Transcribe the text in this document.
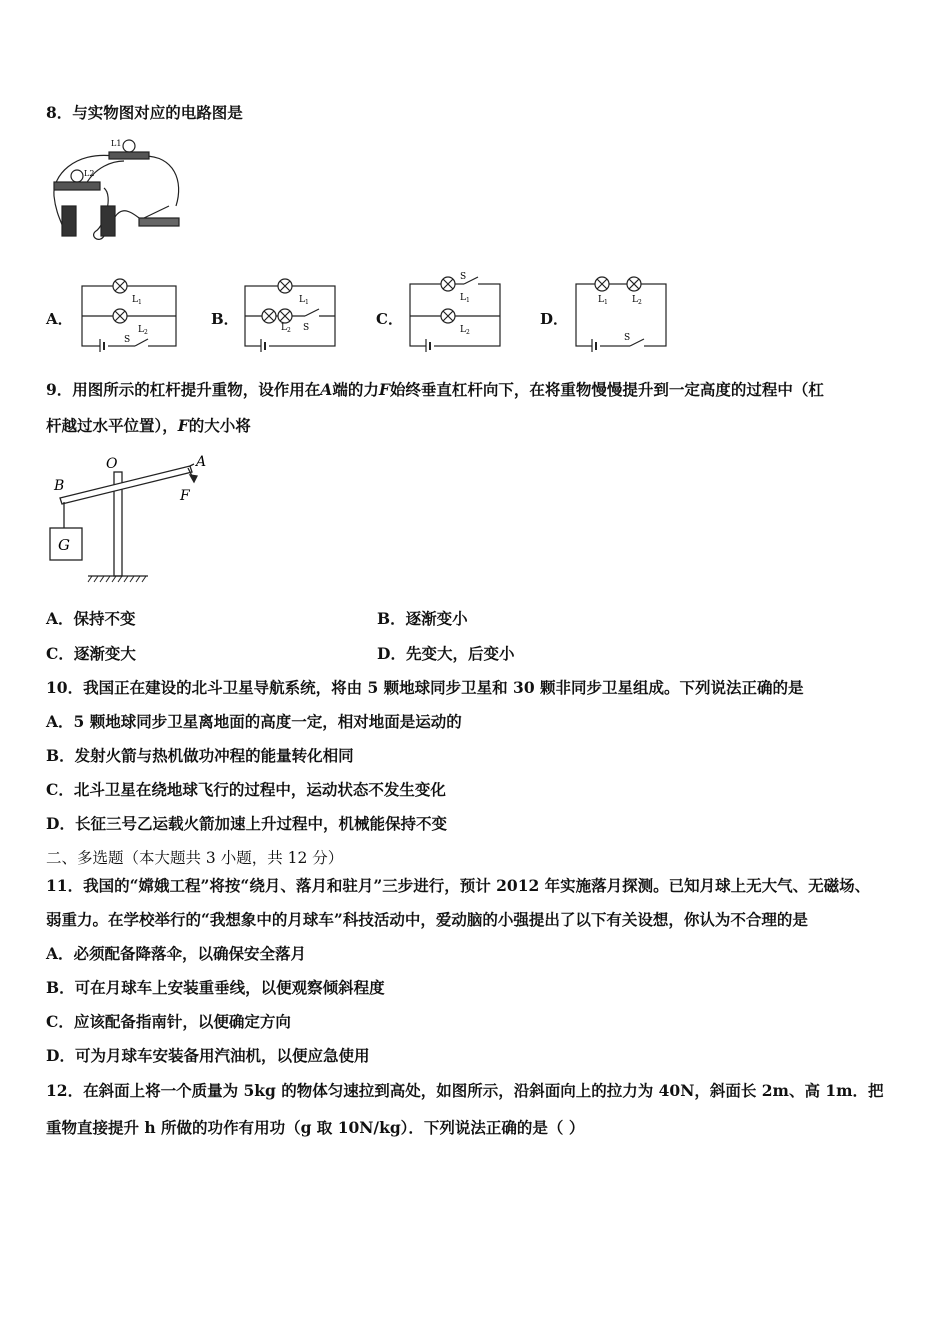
8．与实物图对应的电路图是
L1
L2
A．	B．	C．	D．
$L_1$
$L_2$
S
$L_1$
$L_2$ S
S
$L_1$
$L_2$
$L_1$	$L_2$
S
9．用图所示的杠杆提升重物，设作用在A端的力F始终垂直杠杆向下，在将重物慢慢提升到一定高度的过程中（杠
杆越过水平位置），F的大小将
O	A
B
F
G
A．保持不变	B．逐渐变小
C．逐渐变大	D．先变大，后变小
10．我国正在建设的北斗卫星导航系统，将由 5 颗地球同步卫星和 30 颗非同步卫星组成。下列说法正确的是
A．5 颗地球同步卫星离地面的高度一定，相对地面是运动的
B．发射火箭与热机做功冲程的能量转化相同
C．北斗卫星在绕地球飞行的过程中，运动状态不发生变化
D．长征三号乙运载火箭加速上升过程中，机械能保持不变
二、多选题（本大题共 3 小题，共 12 分）
11．我国的“嫦娥工程”将按“绕月、落月和驻月”三步进行，预计 2012 年实施落月探测。已知月球上无大气、无磁场、
弱重力。在学校举行的“我想象中的月球车”科技活动中，爱动脑的小强提出了以下有关设想，你认为不合理的是
A．必须配备降落伞，以确保安全落月
B．可在月球车上安装重垂线，以便观察倾斜程度
C．应该配备指南针，以便确定方向
D．可为月球车安装备用汽油机，以便应急使用
12．在斜面上将一个质量为 5kg 的物体匀速拉到高处，如图所示，沿斜面向上的拉力为 40N，斜面长 2m、高 1m．把
重物直接提升 h 所做的功作有用功（g 取 10N/kg）．下列说法正确的是（ ）
